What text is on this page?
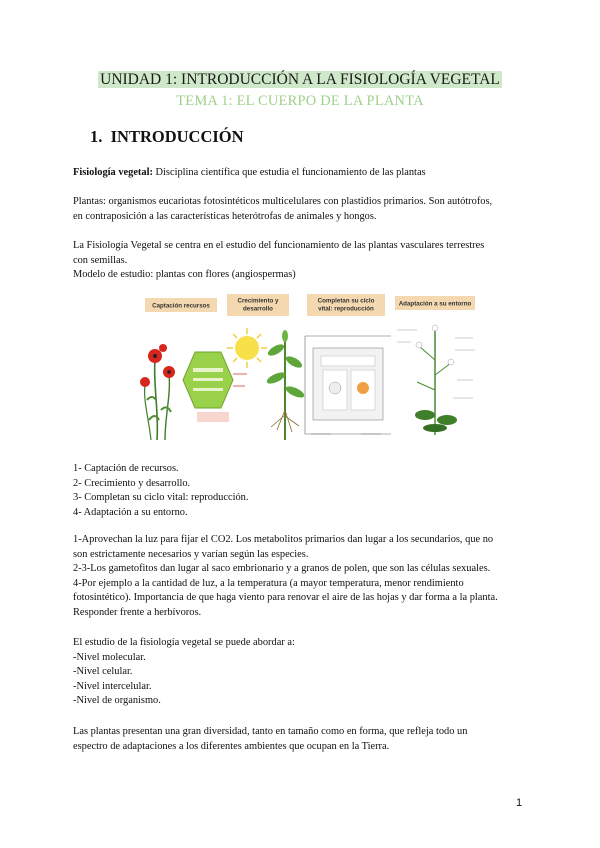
UNIDAD 1: INTRODUCCIÓN A LA FISIOLOGÍA VEGETAL
TEMA 1: EL CUERPO DE LA PLANTA
1. INTRODUCCIÓN
Fisiología vegetal: Disciplina científica que estudia el funcionamiento de las plantas
Plantas: organismos eucariotas fotosintéticos multicelulares con plastidios primarios. Son autótrofos,
en contraposición a las características heterótrofas de animales y hongos.
La Fisiología Vegetal se centra en el estudio del funcionamiento de las plantas vasculares terrestres
con semillas.
Modelo de estudio: plantas con flores (angiospermas)
Captación recursos
Crecimiento y
desarrollo
Completan su ciclo
vital: reproducción
Adaptación a su entorno
1- Captación de recursos.
2- Crecimiento y desarrollo.
3- Completan su ciclo vital: reproducción.
4- Adaptación a su entorno.
1-Aprovechan la luz para fijar el CO2. Los metabolitos primarios dan lugar a los secundarios, que no
son estrictamente necesarios y varían según las especies.
2-3-Los gametofitos dan lugar al saco embrionario y a granos de polen, que son las células sexuales.
4-Por ejemplo a la cantidad de luz, a la temperatura (a mayor temperatura, menor rendimiento
fotosintético). Importancia de que haga viento para renovar el aire de las hojas y dar forma a la planta.
Responder frente a herbívoros.
El estudio de la fisiología vegetal se puede abordar a:
-Nivel molecular.
-Nivel celular.
-Nivel intercelular.
-Nivel de organismo.
Las plantas presentan una gran diversidad, tanto en tamaño como en forma, que refleja todo un
espectro de adaptaciones a los diferentes ambientes que ocupan en la Tierra.
1
